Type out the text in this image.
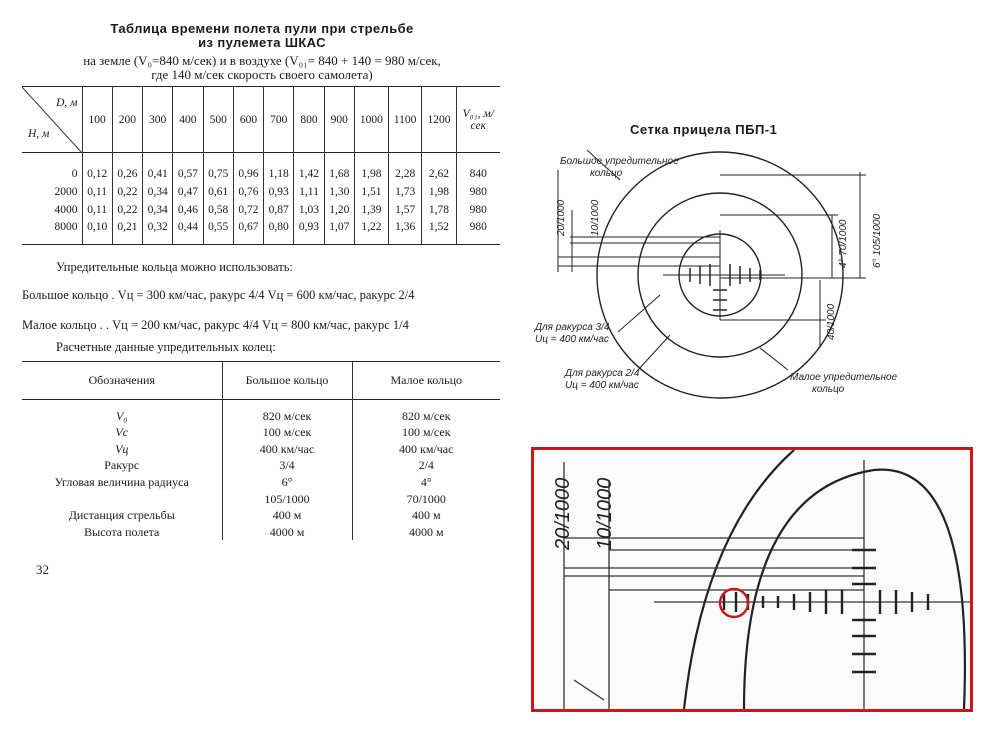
Таблица времени полета пули при стрельбе
из пулемета ШКАС
на земле (V₀=840 м/сек) и в воздухе (V₀₁= 840 + 140 = 980 м/сек,
где 140 м/сек скорость своего самолета)
D, м
H, м	100	200	300	400	500	600	700	800	900	1000	1100	1200	V₀₁, м/сек
0	0,12	0,26	0,41	0,57	0,75	0,96	1,18	1,42	1,68	1,98	2,28	2,62	840
2000	0,11	0,22	0,34	0,47	0,61	0,76	0,93	1,11	1,30	1,51	1,73	1,98	980
4000	0,11	0,22	0,34	0,46	0,58	0,72	0,87	1,03	1,20	1,39	1,57	1,78	980
8000	0,10	0,21	0,32	0,44	0,55	0,67	0,80	0,93	1,07	1,22	1,36	1,52	980
Упредительные кольца можно использовать:
Большое кольцо . Vц = 300 км/час, ракурс 4/4 Vц = 600 км/час, ракурс 2/4
Малое кольцо . . Vц = 200 км/час, ракурс 4/4 Vц = 800 км/час, ракурс 1/4
Расчетные данные упредительных колец:
Обозначения	Большое кольцо	Малое кольцо
V₀	820 м/сек	820 м/сек
Vc	100 м/сек	100 м/сек
Vц	400 км/час	400 км/час
Ракурс	3/4	2/4
Угловая величина радиуса	6°	4°
	105/1000	70/1000
Дистанция стрельбы	400 м	400 м
Высота полета	4000 м	4000 м
32
Сетка прицела ПБП-1
Большое упредительное
кольцо
20/1000 10/1000	6° 105/1000
4° 70/1000
40/1000
Для ракурса 3/4
Uц = 400 км/час
Для ракурса 2/4
Uц = 400 км/час
Малое упредительное
кольцо
20/1000 10/1000
